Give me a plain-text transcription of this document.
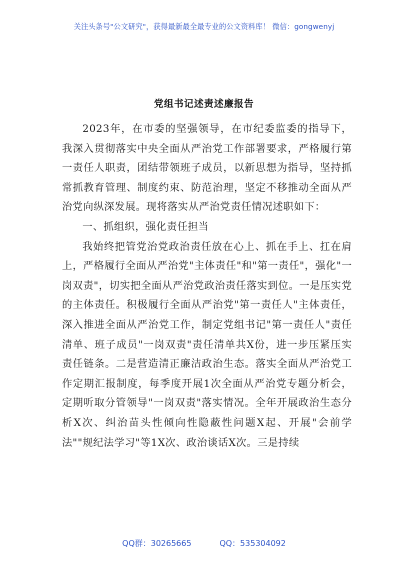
关注头条号"公文研究"，获得最新最全最专业的公文资料库！ 微信：gongwenyj
党组书记述责述廉报告

2023年，在市委的坚强领导，在市纪委监委的指导下，我深入贯彻落实中央全面从严治党工作部署要求，严格履行第一责任人职责，团结带领班子成员，以新思想为指导，坚持抓常抓教育管理、制度约束、防范治理，坚定不移推动全面从严治党向纵深发展。现将落实从严治党责任情况述职如下：

一、抓组织，强化责任担当

我始终把管党治党政治责任放在心上、抓在手上、扛在肩上，严格履行全面从严治党"主体责任"和"第一责任"，强化"一岗双责"，切实把全面从严治党政治责任落实到位。一是压实党的主体责任。积极履行全面从严治党"第一责任人"主体责任，深入推进全面从严治党工作，制定党组书记"第一责任人"责任清单、班子成员"一岗双责"责任清单共X份，进一步压紧压实责任链条。二是营造清正廉洁政治生态。落实全面从严治党工作定期汇报制度，每季度开展1次全面从严治党专题分析会，定期听取分管领导"一岗双责"落实情况。全年开展政治生态分析X次、纠治苗头性倾向性隐蔽性问题X起、开展"会前学法""规纪法学习"等1X次、政治谈话X次。三是持续

QQ群：30265665	QQ：535304092
